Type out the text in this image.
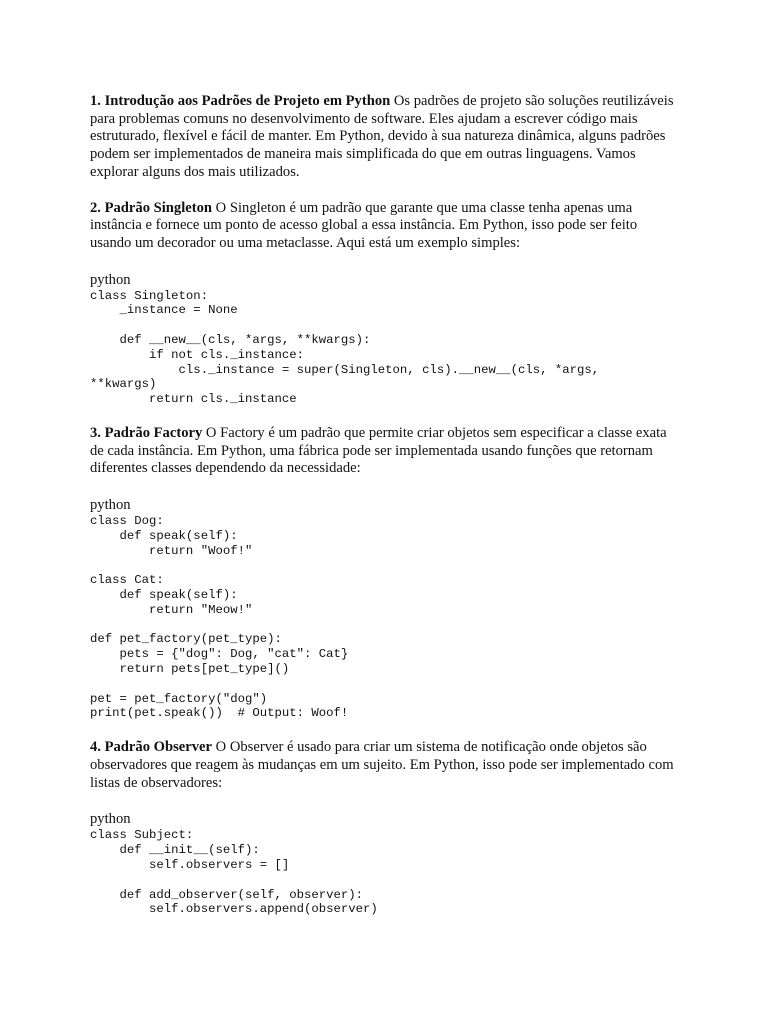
1. Introdução aos Padrões de Projeto em Python Os padrões de projeto são soluções reutilizáveis para problemas comuns no desenvolvimento de software. Eles ajudam a escrever código mais estruturado, flexível e fácil de manter. Em Python, devido à sua natureza dinâmica, alguns padrões podem ser implementados de maneira mais simplificada do que em outras linguagens. Vamos explorar alguns dos mais utilizados.

2. Padrão Singleton O Singleton é um padrão que garante que uma classe tenha apenas uma instância e fornece um ponto de acesso global a essa instância. Em Python, isso pode ser feito usando um decorador ou uma metaclasse. Aqui está um exemplo simples:

python
class Singleton:
_instance = None

def __new__(cls, *args, **kwargs):
if not cls._instance:
cls._instance = super(Singleton, cls).__new__(cls, *args,
**kwargs)
return cls._instance

3. Padrão Factory O Factory é um padrão que permite criar objetos sem especificar a classe exata de cada instância. Em Python, uma fábrica pode ser implementada usando funções que retornam diferentes classes dependendo da necessidade:

python
class Dog:
def speak(self):
return "Woof!"

class Cat:
def speak(self):
return "Meow!"

def pet_factory(pet_type):
pets = {"dog": Dog, "cat": Cat}
return pets[pet_type]()

pet = pet_factory("dog")
print(pet.speak())  # Output: Woof!

4. Padrão Observer O Observer é usado para criar um sistema de notificação onde objetos são observadores que reagem às mudanças em um sujeito. Em Python, isso pode ser implementado com listas de observadores:

python
class Subject:
def __init__(self):
self.observers = []

def add_observer(self, observer):
self.observers.append(observer)
